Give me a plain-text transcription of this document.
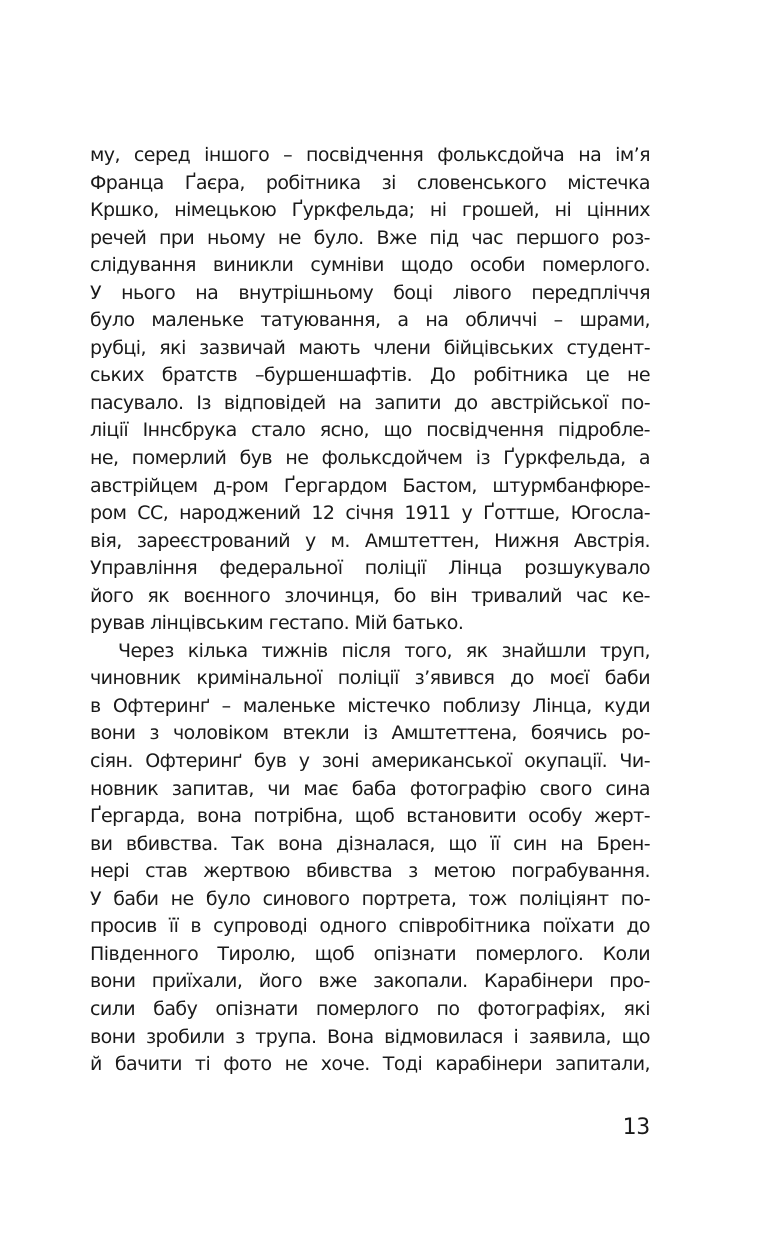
му, серед іншого – посвідчення фольксдойча на ім’я
Франца Ґаєра, робітника зі словенського містечка
Кршко, німецькою Ґуркфельда; ні грошей, ні цінних
речей при ньому не було. Вже під час першого роз-
слідування виникли сумніви щодо особи померлого.
У нього на внутрішньому боці лівого передпліччя
було маленьке татуювання, а на обличчі – шрами,
рубці, які зазвичай мають члени бійцівських студент-
ських братств –буршеншафтів. До робітника це не
пасувало. Із відповідей на запити до австрійської по-
ліції Іннсбрука стало ясно, що посвідчення підробле-
не, померлий був не фольксдойчем із Ґуркфельда, а
австрійцем д-ром Ґергардом Бастом, штурмбанфюре-
ром СС, народжений 12 січня 1911 у Ґоттше, Югосла-
вія, зареєстрований у м. Амштеттен, Нижня Австрія.
Управління федеральної поліції Лінца розшукувало
його як воєнного злочинця, бо він тривалий час ке-
рував лінцівським гестапо. Мій батько.
Через кілька тижнів після того, як знайшли труп,
чиновник кримінальної поліції з’явився до моєї баби
в Офтеринґ – маленьке містечко поблизу Лінца, куди
вони з чоловіком втекли із Амштеттена, боячись ро-
сіян. Офтеринґ був у зоні американської окупації. Чи-
новник запитав, чи має баба фотографію свого сина
Ґергарда, вона потрібна, щоб встановити особу жерт-
ви вбивства. Так вона дізналася, що її син на Брен-
нері став жертвою вбивства з метою пограбування.
У баби не було синового портрета, тож поліціянт по-
просив її в супроводі одного співробітника поїхати до
Південного Тиролю, щоб опізнати померлого. Коли
вони приїхали, його вже закопали. Карабінери про-
сили бабу опізнати померлого по фотографіях, які
вони зробили з трупа. Вона відмовилася і заявила, що
й бачити ті фото не хоче. Тоді карабінери запитали,
13
